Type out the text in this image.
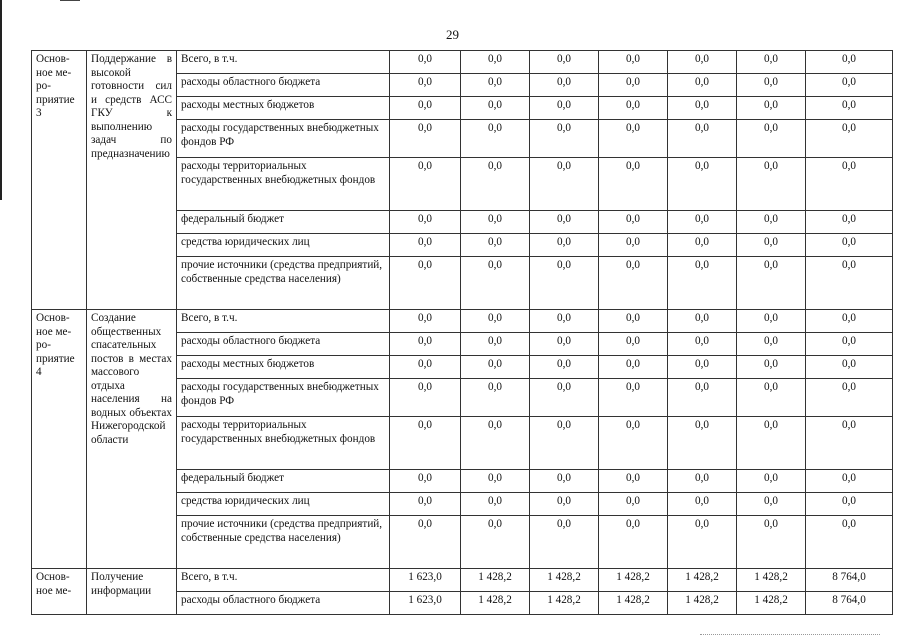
29
Основ-ное ме-ро-приятие 3	Поддержание в высокой готовности сил и средств АСС ГКУ к выполнению задач по предназначению	Всего, в т.ч.	0,0	0,0	0,0	0,0	0,0	0,0	0,0
		расходы областного бюджета	0,0	0,0	0,0	0,0	0,0	0,0	0,0
		расходы местных бюджетов	0,0	0,0	0,0	0,0	0,0	0,0	0,0
		расходы государственных внебюджетных фондов РФ	0,0	0,0	0,0	0,0	0,0	0,0	0,0
		расходы территориальных государственных внебюджетных фондов	0,0	0,0	0,0	0,0	0,0	0,0	0,0
		федеральный бюджет	0,0	0,0	0,0	0,0	0,0	0,0	0,0
		средства юридических лиц	0,0	0,0	0,0	0,0	0,0	0,0	0,0
		прочие источники (средства предприятий, собственные средства населения)	0,0	0,0	0,0	0,0	0,0	0,0	0,0
Основ-ное ме-ро-приятие 4	Создание общественных спасательных постов в местах массового отдыха населения на водных объектах Нижегородской области	Всего, в т.ч.	0,0	0,0	0,0	0,0	0,0	0,0	0,0
		расходы областного бюджета	0,0	0,0	0,0	0,0	0,0	0,0	0,0
		расходы местных бюджетов	0,0	0,0	0,0	0,0	0,0	0,0	0,0
		расходы государственных внебюджетных фондов РФ	0,0	0,0	0,0	0,0	0,0	0,0	0,0
		расходы территориальных государственных внебюджетных фондов	0,0	0,0	0,0	0,0	0,0	0,0	0,0
		федеральный бюджет	0,0	0,0	0,0	0,0	0,0	0,0	0,0
		средства юридических лиц	0,0	0,0	0,0	0,0	0,0	0,0	0,0
		прочие источники (средства предприятий, собственные средства населения)	0,0	0,0	0,0	0,0	0,0	0,0	0,0
Основ-ное ме-	Получение информации	Всего, в т.ч.	1 623,0	1 428,2	1 428,2	1 428,2	1 428,2	1 428,2	8 764,0
		расходы областного бюджета	1 623,0	1 428,2	1 428,2	1 428,2	1 428,2	1 428,2	8 764,0
